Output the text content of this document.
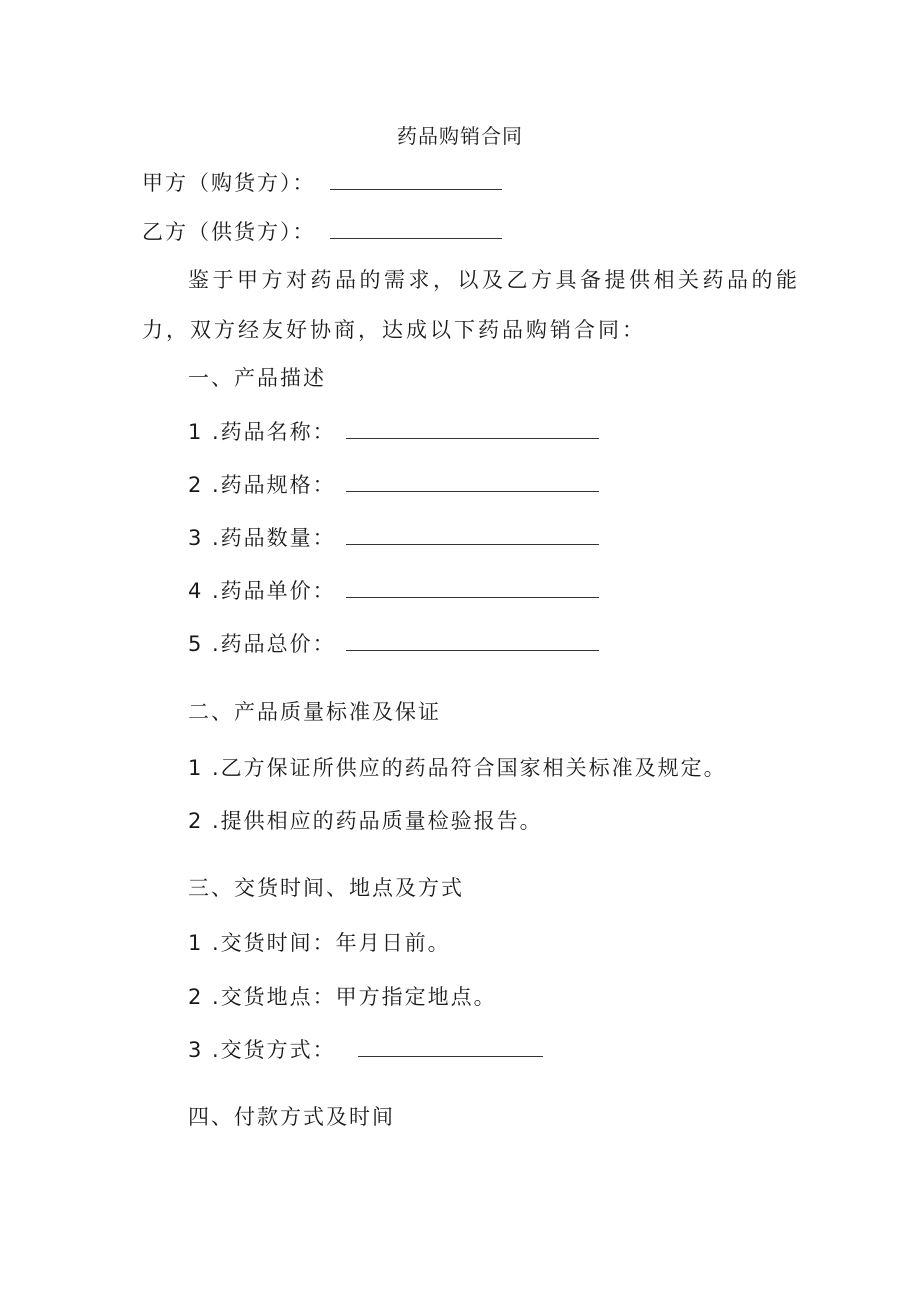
药品购销合同
甲方（购货方）：
乙方（供货方）：
鉴于甲方对药品的需求，以及乙方具备提供相关药品的能
力，双方经友好协商，达成以下药品购销合同：
一、产品描述
1 .药品名称：
2 .药品规格：
3 .药品数量：
4 .药品单价：
5 .药品总价：
二、产品质量标准及保证
1 .乙方保证所供应的药品符合国家相关标准及规定。
2 .提供相应的药品质量检验报告。
三、交货时间、地点及方式
1 .交货时间：年月日前。
2 .交货地点：甲方指定地点。
3 .交货方式：
四、付款方式及时间
